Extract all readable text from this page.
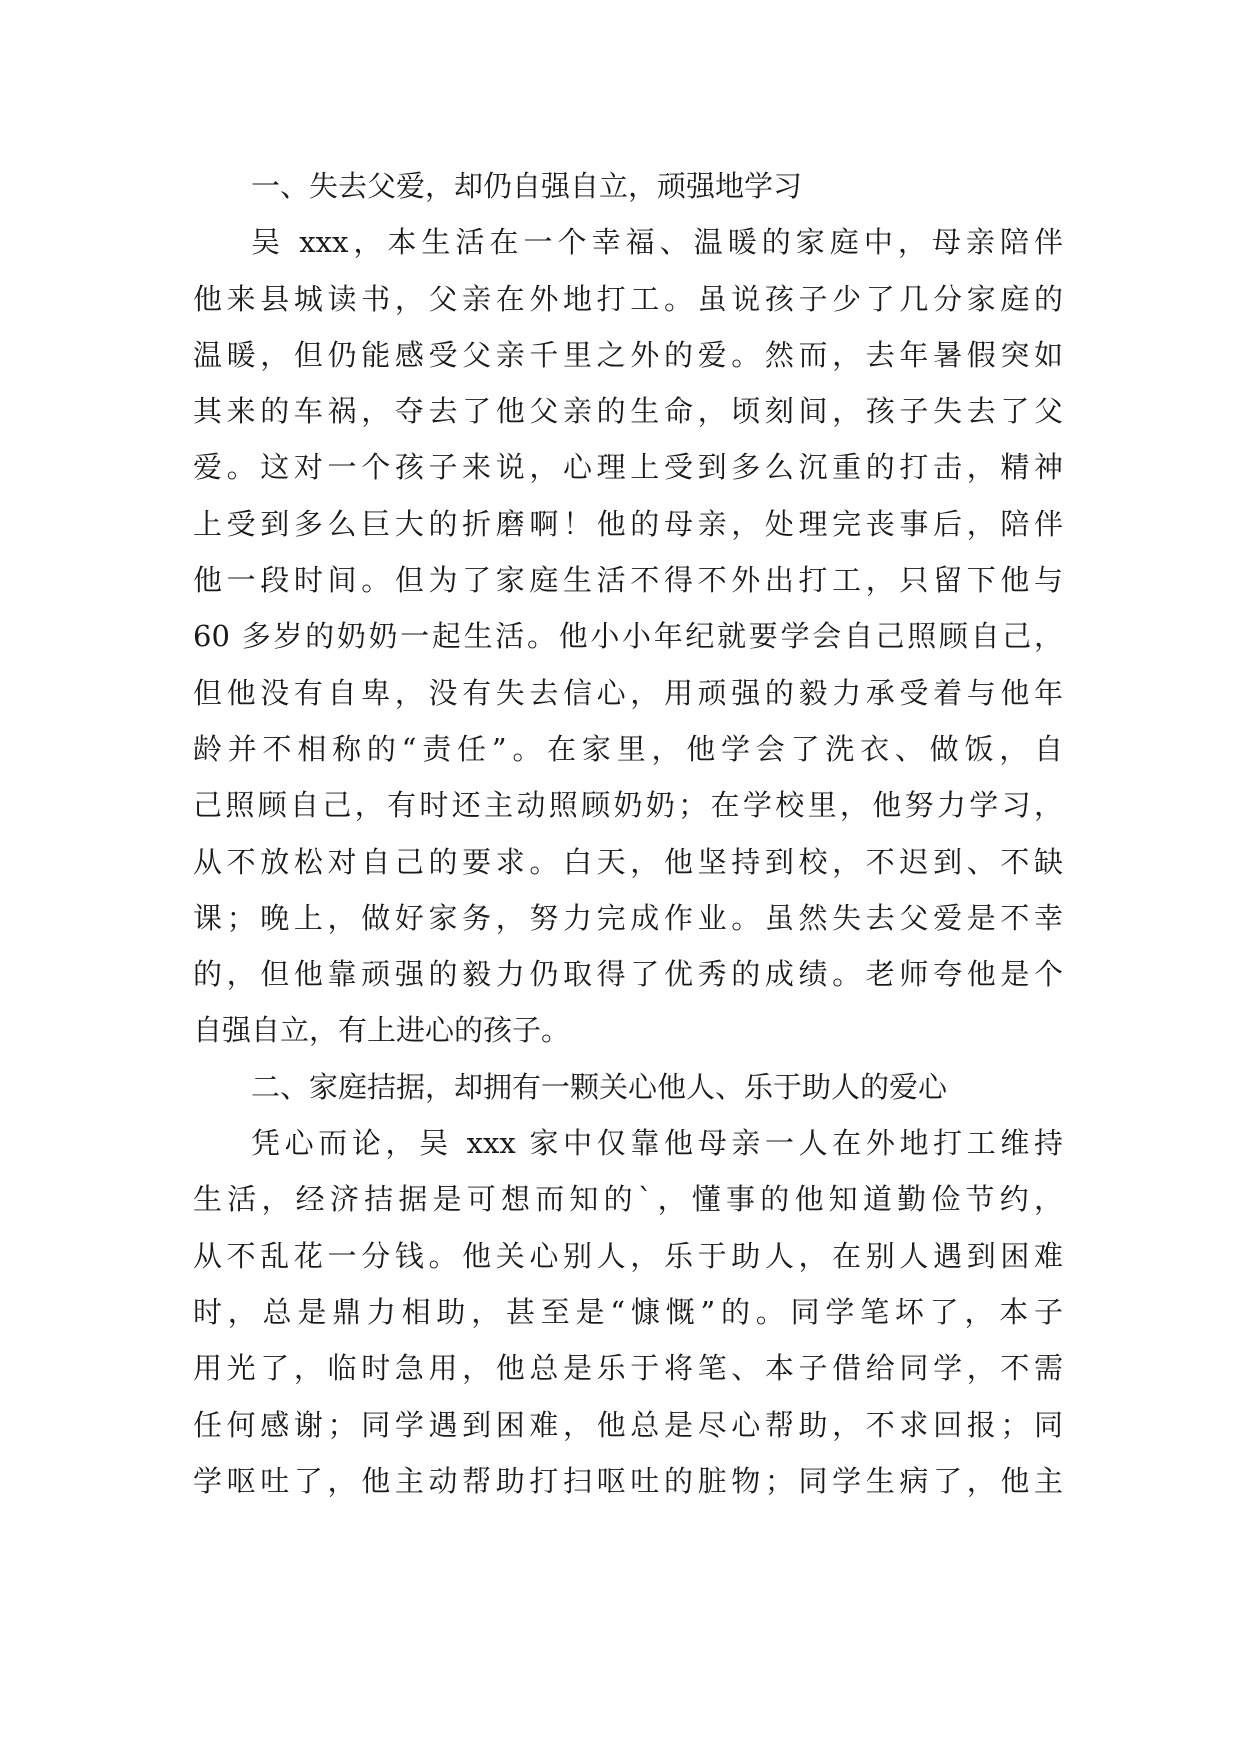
一、失去父爱，却仍自强自立，顽强地学习
吴 xxx，本生活在一个幸福、温暖的家庭中，母亲陪伴
他来县城读书，父亲在外地打工。虽说孩子少了几分家庭的
温暖，但仍能感受父亲千里之外的爱。然而，去年暑假突如
其来的车祸，夺去了他父亲的生命，顷刻间，孩子失去了父
爱。这对一个孩子来说，心理上受到多么沉重的打击，精神
上受到多么巨大的折磨啊！他的母亲，处理完丧事后，陪伴
他一段时间。但为了家庭生活不得不外出打工，只留下他与
60 多岁的奶奶一起生活。他小小年纪就要学会自己照顾自己，
但他没有自卑，没有失去信心，用顽强的毅力承受着与他年
龄并不相称的“责任”。在家里，他学会了洗衣、做饭，自
己照顾自己，有时还主动照顾奶奶；在学校里，他努力学习，
从不放松对自己的要求。白天，他坚持到校，不迟到、不缺
课；晚上，做好家务，努力完成作业。虽然失去父爱是不幸
的，但他靠顽强的毅力仍取得了优秀的成绩。老师夸他是个
自强自立，有上进心的孩子。
二、家庭拮据，却拥有一颗关心他人、乐于助人的爱心
凭心而论，吴 xxx 家中仅靠他母亲一人在外地打工维持
生活，经济拮据是可想而知的`，懂事的他知道勤俭节约，
从不乱花一分钱。他关心别人，乐于助人，在别人遇到困难
时，总是鼎力相助，甚至是“慷慨”的。同学笔坏了，本子
用光了，临时急用，他总是乐于将笔、本子借给同学，不需
任何感谢；同学遇到困难，他总是尽心帮助，不求回报；同
学呕吐了，他主动帮助打扫呕吐的脏物；同学生病了，他主
